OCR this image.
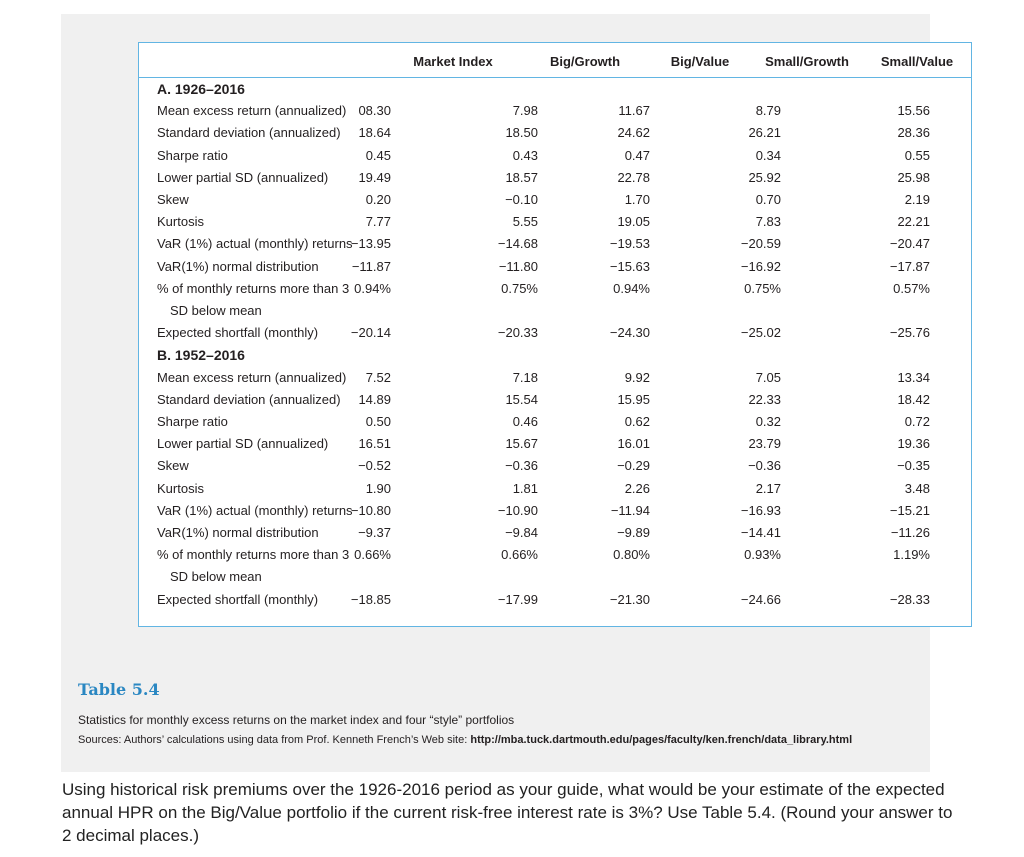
Market Index	Big/Growth	Big/Value	Small/Growth	Small/Value
A. 1926–2016
Mean excess return (annualized) 08.30	7.98	11.67	8.79	15.56
Standard deviation (annualized)	18.64	18.50	24.62	26.21	28.36
Sharpe ratio	0.45	0.43	0.47	0.34	0.55
Lower partial SD (annualized)	19.49	18.57	22.78	25.92	25.98
Skew	0.20	−0.10	1.70	0.70	2.19
Kurtosis	7.77	5.55	19.05	7.83	22.21
VaR (1%) actual (monthly) returns
−13.95	−14.68	−19.53	−20.59	−20.47
VaR(1%) normal distribution	−11.87	−11.80	−15.63	−16.92	−17.87
% of monthly returns more than 3
SD below mean
0.94%	0.75%	0.94%	0.75%	0.57%
Expected shortfall (monthly)	−20.14	−20.33	−24.30	−25.02	−25.76
B. 1952–2016
Mean excess return (annualized)	7.52	7.18	9.92	7.05	13.34
Standard deviation (annualized)	14.89	15.54	15.95	22.33	18.42
Sharpe ratio	0.50	0.46	0.62	0.32	0.72
Lower partial SD (annualized)	16.51	15.67	16.01	23.79	19.36
Skew	−0.52	−0.36	−0.29	−0.36	−0.35
Kurtosis	1.90	1.81	2.26	2.17	3.48
VaR (1%) actual (monthly) returns
−10.80	−10.90	−11.94	−16.93	−15.21
VaR(1%) normal distribution	−9.37	−9.84	−9.89	−14.41	−11.26
% of monthly returns more than 3
SD below mean
0.66%	0.66%	0.80%	0.93%	1.19%
Expected shortfall (monthly)	−18.85	−17.99	−21.30	−24.66	−28.33
Table 5.4
Statistics for monthly excess returns on the market index and four “style” portfolios
Sources: Authors’ calculations using data from Prof. Kenneth French’s Web site: http://mba.tuck.dartmouth.edu/pages/faculty/ken.french/data_library.html
Using historical risk premiums over the 1926-2016 period as your guide, what would be your estimate of the expected annual HPR on the Big/Value portfolio if the current risk-free interest rate is 3%? Use Table 5.4. (Round your answer to 2 decimal places.)
